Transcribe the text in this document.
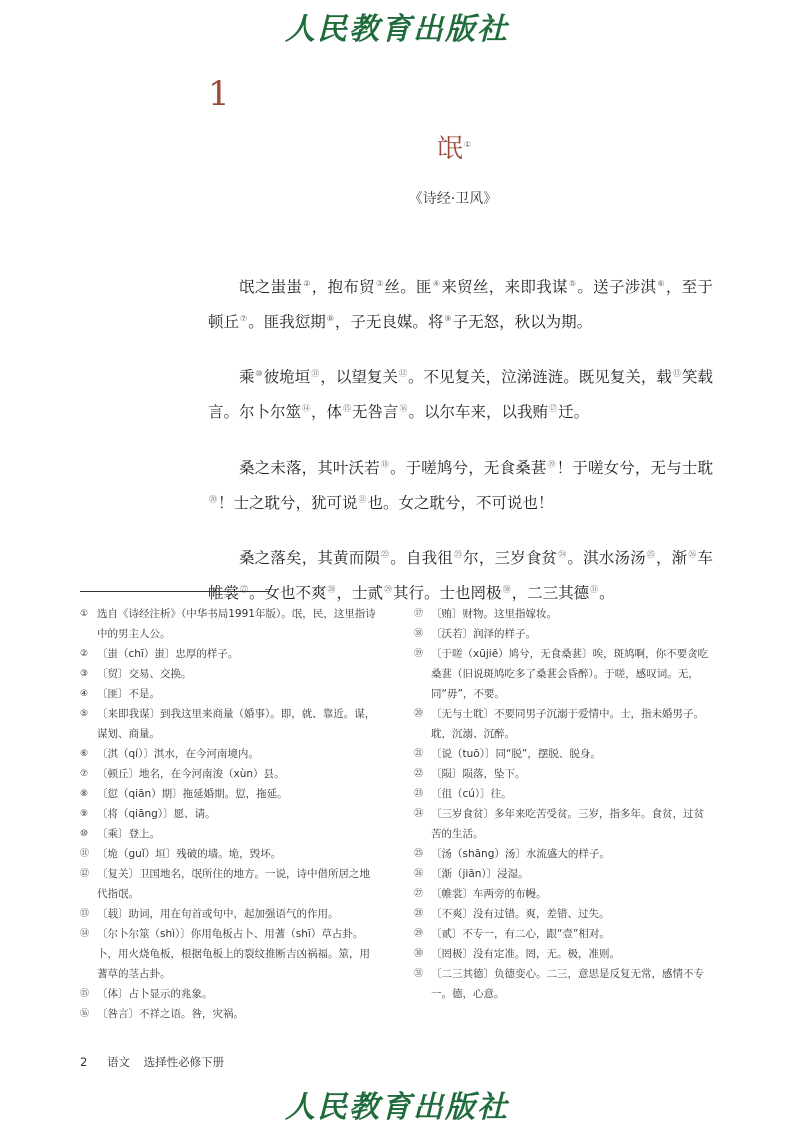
人民教育出版社
1
氓①
《诗经·卫风》

氓之蚩蚩②，抱布贸③丝。匪④来贸丝，来即我谋⑤。送子涉淇⑥，至于顿丘⑦。匪我愆期⑧，子无良媒。将⑨子无怒，秋以为期。

乘⑩彼垝垣⑪，以望复关⑫。不见复关，泣涕涟涟。既见复关，载⑬笑载言。尔卜尔筮⑭，体⑮无咎言⑯。以尔车来，以我贿⑰迁。

桑之未落，其叶沃若⑱。于嗟鸠兮，无食桑葚⑲！于嗟女兮，无与士耽⑳！士之耽兮，犹可说$^㉑$也。女之耽兮，不可说也！

桑之落矣，其黄而陨$^㉒$。自我徂$^㉓$尔，三岁食贫$^㉔$。淇水汤汤$^㉕$，渐$^㉖$车帷裳$^㉗$。女也不爽$^㉘$，士贰$^㉙$其行。士也罔极$^㉚$，二三其德$^㉛$。

① 选自《诗经注析》（中华书局1991年版）。氓，民，这里指诗中的男主人公。
② 〔蚩（chī）蚩〕忠厚的样子。
③ 〔贸〕交易、交换。
④ 〔匪〕不是。
⑤ 〔来即我谋〕到我这里来商量（婚事）。即，就、靠近。谋，谋划、商量。
⑥ 〔淇（qí）〕淇水，在今河南境内。
⑦ 〔顿丘〕地名，在今河南浚（xùn）县。
⑧ 〔愆（qiān）期〕拖延婚期。愆，拖延。
⑨ 〔将（qiāng）〕愿、请。
⑩ 〔乘〕登上。
⑪ 〔垝（guǐ）垣〕残破的墙。垝，毁坏。
⑫ 〔复关〕卫国地名，氓所住的地方。一说，诗中借所居之地代指氓。
⑬ 〔载〕助词，用在句首或句中，起加强语气的作用。
⑭ 〔尔卜尔筮（shì）〕你用龟板占卜、用蓍（shī）草占卦。卜，用火烧龟板，根据龟板上的裂纹推断吉凶祸福。筮，用蓍草的茎占卦。
⑮ 〔体〕占卜显示的兆象。
⑯ 〔咎言〕不祥之语。咎，灾祸。
⑰ 〔贿〕财物。这里指嫁妆。
⑱ 〔沃若〕润泽的样子。
⑲ 〔于嗟（xūjiē）鸠兮，无食桑葚〕唉，斑鸠啊，你不要贪吃桑葚（旧说斑鸠吃多了桑葚会昏醉）。于嗟，感叹词。无，同“毋”，不要。
⑳ 〔无与士耽〕不要同男子沉溺于爱情中。士，指未婚男子。耽，沉溺、沉醉。
㉑ 〔说（tuō）〕同“脱”，摆脱、脱身。
㉒ 〔陨〕陨落，坠下。
㉓ 〔徂（cú）〕往。
㉔ 〔三岁食贫〕多年来吃苦受贫。三岁，指多年。食贫，过贫苦的生活。
㉕ 〔汤（shāng）汤〕水流盛大的样子。
㉖ 〔渐（jiān）〕浸湿。
㉗ 〔帷裳〕车两旁的布幔。
㉘ 〔不爽〕没有过错。爽，差错、过失。
㉙ 〔贰〕不专一，有二心，跟“壹”相对。
㉚ 〔罔极〕没有定准。罔，无。极，准则。
㉛ 〔二三其德〕负德变心。二三，意思是反复无常，感情不专一。德，心意。
2 语文 选择性必修下册
人民教育出版社
